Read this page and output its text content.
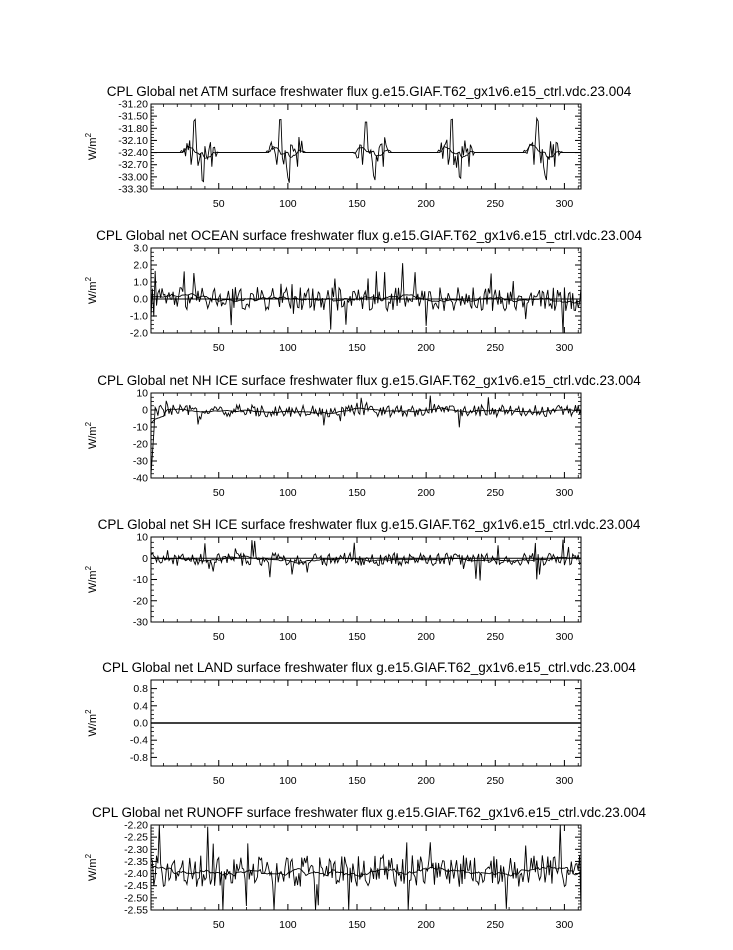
CPL Global net ATM surface freshwater flux g.e15.GIAF.T62_gx1v6.e15_ctrl.vdc.23.004
-31.20
-31.50
-31.80
-32.10
-32.40
-32.70
-33.00
-33.30
50	100	150	200	250	300
$W/m^2$
CPL Global net OCEAN surface freshwater flux g.e15.GIAF.T62_gx1v6.e15_ctrl.vdc.23.004
3.0
2.0
1.0
0.0
-1.0
-2.0
50	100	150	200	250	300
$W/m^2$
CPL Global net NH ICE surface freshwater flux g.e15.GIAF.T62_gx1v6.e15_ctrl.vdc.23.004
10
0
-10
-20
-30
-40
50	100	150	200	250	300
$W/m^2$
CPL Global net SH ICE surface freshwater flux g.e15.GIAF.T62_gx1v6.e15_ctrl.vdc.23.004
10
0
-10
-20
-30
50	100	150	200	250	300
$W/m^2$
CPL Global net LAND surface freshwater flux g.e15.GIAF.T62_gx1v6.e15_ctrl.vdc.23.004
0.8
0.4
0.0
-0.4
-0.8
50	100	150	200	250	300
$W/m^2$
CPL Global net RUNOFF surface freshwater flux g.e15.GIAF.T62_gx1v6.e15_ctrl.vdc.23.004
-2.20
-2.25
-2.30
-2.35
-2.40
-2.45
-2.50
-2.55
50	100	150	200	250	300
$W/m^2$
